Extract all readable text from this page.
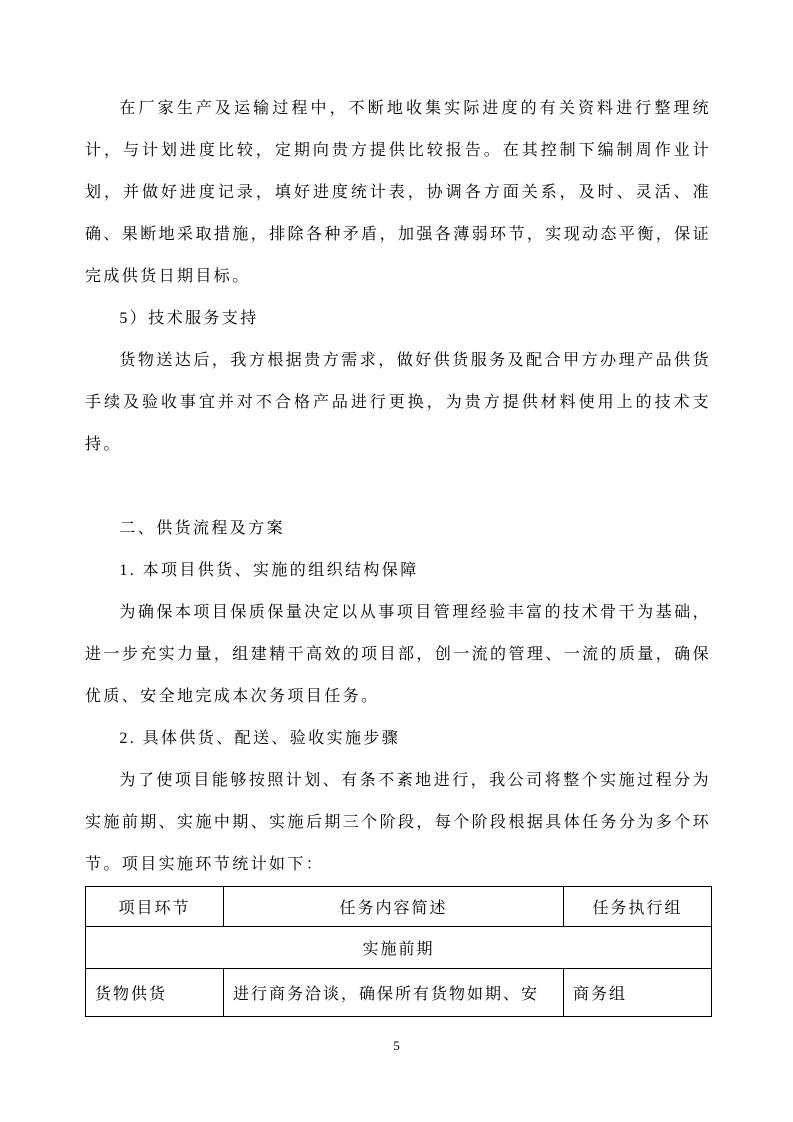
在厂家生产及运输过程中，不断地收集实际进度的有关资料进行整理统计，与计划进度比较，定期向贵方提供比较报告。在其控制下编制周作业计划，并做好进度记录，填好进度统计表，协调各方面关系，及时、灵活、准确、果断地采取措施，排除各种矛盾，加强各薄弱环节，实现动态平衡，保证完成供货日期目标。

5）技术服务支持

货物送达后，我方根据贵方需求，做好供货服务及配合甲方办理产品供货手续及验收事宜并对不合格产品进行更换，为贵方提供材料使用上的技术支持。

二、供货流程及方案

1. 本项目供货、实施的组织结构保障

为确保本项目保质保量决定以从事项目管理经验丰富的技术骨干为基础，进一步充实力量，组建精干高效的项目部，创一流的管理、一流的质量，确保优质、安全地完成本次务项目任务。

2. 具体供货、配送、验收实施步骤

为了使项目能够按照计划、有条不紊地进行，我公司将整个实施过程分为实施前期、实施中期、实施后期三个阶段，每个阶段根据具体任务分为多个环节。项目实施环节统计如下：

项目环节	任务内容简述	任务执行组
实施前期		
货物供货	进行商务洽谈，确保所有货物如期、安	商务组
5
